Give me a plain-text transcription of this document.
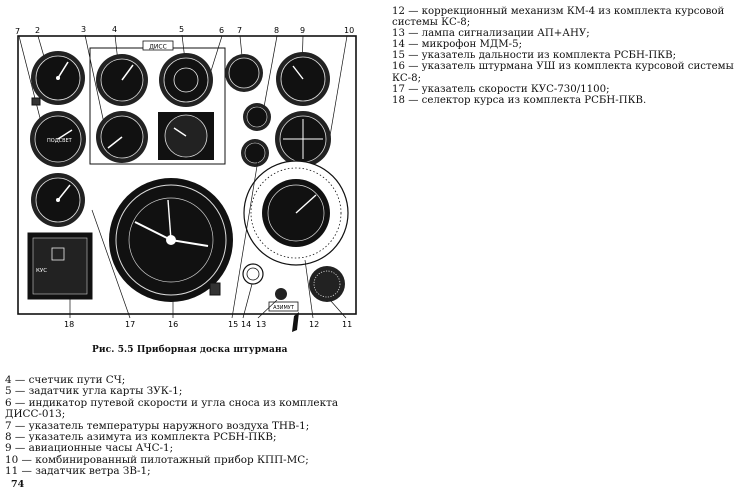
ДИСС
7 2	3	4	5	6 7	8	9	10
ПОДСВЕТ
КУС
АЗИМУТ
18	17	16	15 14 13	12	11
Рис. 5.5 Приборная доска штурмана

12 — коррекционный механизм КМ-4 из комплекта курсовой системы КС-8;

13 — лампа сигнализации АП+АНУ;

14 — микрофон МДМ-5;

15 — указатель дальности из комплекта РСБН-ПКВ;

16 — указатель штурмана УШ из комплекта курсовой системы КС-8;

17 — указатель скорости КУС-730/1100;

18 — селектор курса из комплекта РСБН-ПКВ.

4 — счетчик пути СЧ;

5 — задатчик угла карты ЗУК-1;

6 — индикатор путевой скорости и угла сноса из комплекта ДИСС-013;

7 — указатель температуры наружного воздуха ТНВ-1;

8 — указатель азимута из комплекта РСБН-ПКВ;

9 — авиационные часы АЧС-1;

10 — комбинированный пилотажный прибор КПП-МС;

11 — задатчик ветра ЗВ-1;

74
